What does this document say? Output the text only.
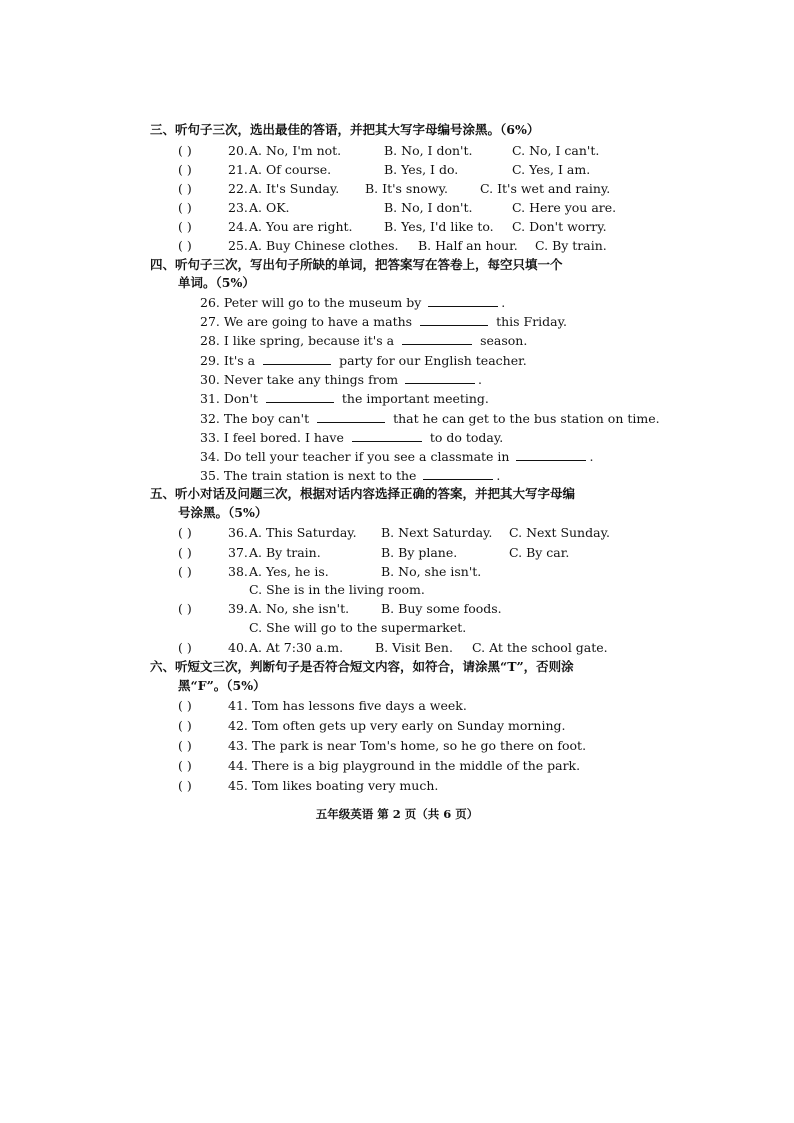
三、听句子三次，选出最佳的答语，并把其大写字母编号涂黑。（6%）
( )	20. A. No, I'm not.	B. No, I don't.	C. No, I can't.
( )	21. A. Of course.	B. Yes, I do.	C. Yes, I am.
( )	22. A. It's Sunday. B. It's snowy.	C. It's wet and rainy.
( )	23. A. OK.	B. No, I don't.	C. Here you are.
( )	24. A. You are right.	B. Yes, I'd like to. C. Don't worry.
( )	25. A. Buy Chinese clothes. B. Half an hour. C. By train.
四、听句子三次，写出句子所缺的单词，把答案写在答卷上，每空只填一个
单词。（5%）
26. Peter will go to the museum by	.
27. We are going to have a maths	this Friday.
28. I like spring, because it's a	season.
29. It's a	party for our English teacher.
30. Never take any things from	.
31. Don't	the important meeting.
32. The boy can't	that he can get to the bus station on time.
33. I feel bored. I have	to do today.
34. Do tell your teacher if you see a classmate in	.
35. The train station is next to the	.
五、听小对话及问题三次，根据对话内容选择正确的答案，并把其大写字母编
号涂黑。（5%）
( )	36. A. This Saturday. B. Next Saturday. C. Next Sunday.
( )	37. A. By train.	B. By plane.	C. By car.
( )	38. A. Yes, he is.	B. No, she isn't.
C. She is in the living room.
( )	39. A. No, she isn't.	B. Buy some foods.
C. She will go to the supermarket.
( )	40. A. At 7:30 a.m.	B. Visit Ben. C. At the school gate.
六、听短文三次，判断句子是否符合短文内容，如符合，请涂黑“T”，否则涂
黑“F”。（5%）
( )	41. Tom has lessons five days a week.
( )	42. Tom often gets up very early on Sunday morning.
( )	43. The park is near Tom's home, so he go there on foot.
( )	44. There is a big playground in the middle of the park.
( )	45. Tom likes boating very much.
五年级英语 第 2 页（共 6 页）
